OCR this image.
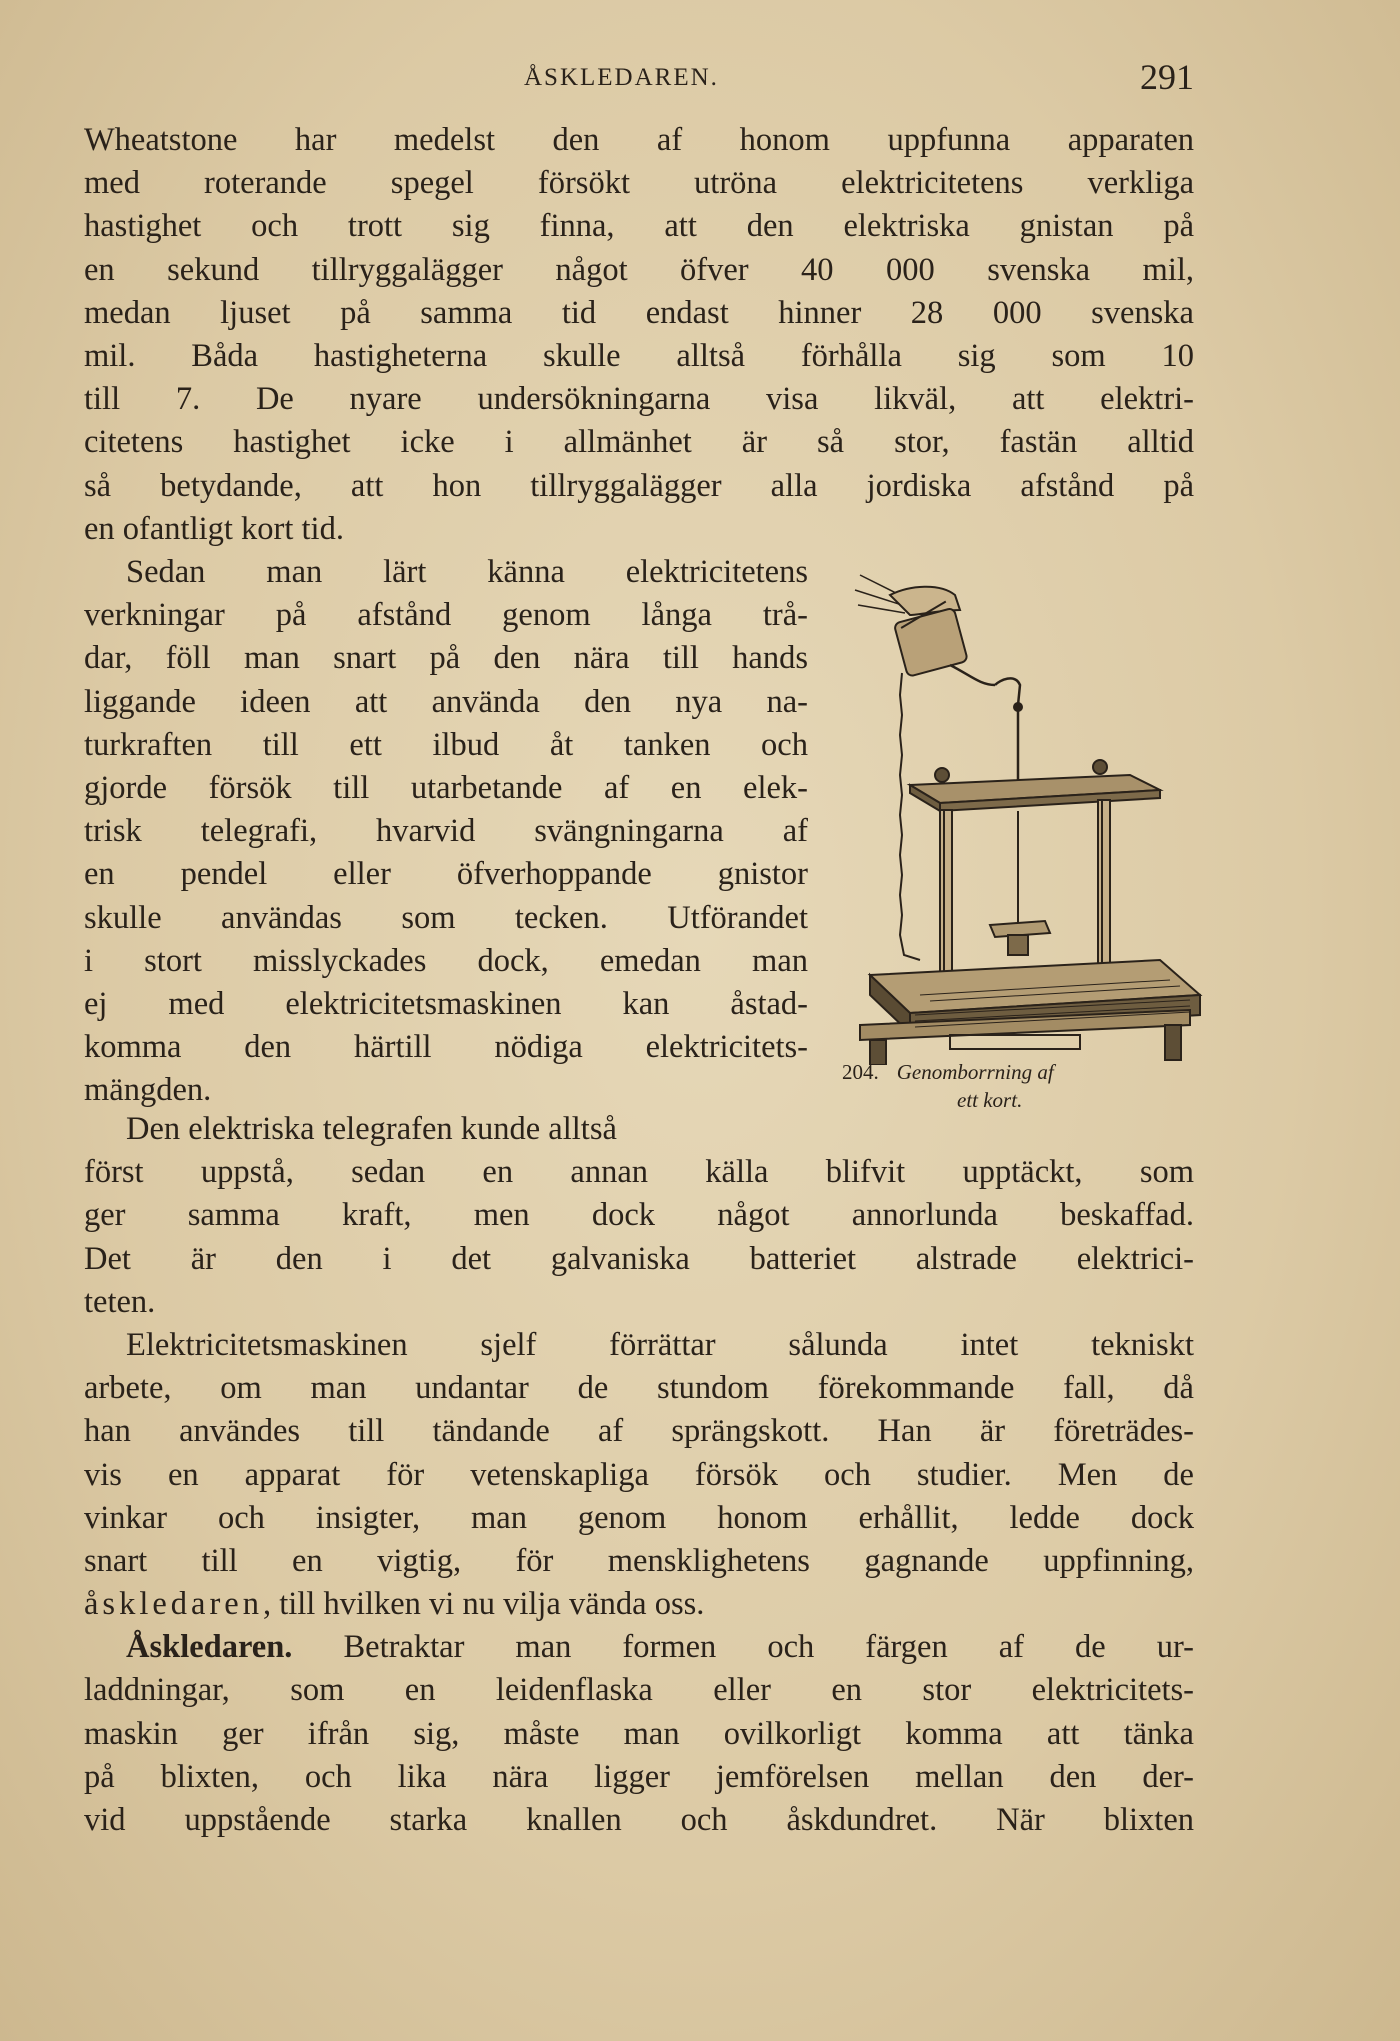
ÅSKLEDAREN.	291
Wheatstone har medelst den af honom uppfunna apparaten
med roterande spegel försökt utröna elektricitetens verkliga
hastighet och trott sig finna, att den elektriska gnistan på
en sekund tillryggalägger något öfver 40 000 svenska mil,
medan ljuset på samma tid endast hinner 28 000 svenska
mil. Båda hastigheterna skulle alltså förhålla sig som 10
till 7. De nyare undersökningarna visa likväl, att elektri-
citetens hastighet icke i allmänhet är så stor, fastän alltid
så betydande, att hon tillryggalägger alla jordiska afstånd på
en ofantligt kort tid.
Sedan man lärt känna elektricitetens
verkningar på afstånd genom långa trå-
dar, föll man snart på den nära till hands
liggande ideen att använda den nya na-
turkraften till ett ilbud åt tanken och
gjorde försök till utarbetande af en elek-
trisk telegrafi, hvarvid svängningarna af
en pendel eller öfverhoppande gnistor
skulle användas som tecken. Utförandet
i stort misslyckades dock, emedan man
ej med elektricitetsmaskinen kan åstad-
komma den härtill nödiga elektricitets-
mängden.
204. Genomborrning af
ett kort.
Den elektriska telegrafen kunde alltså
först uppstå, sedan en annan källa blifvit upptäckt, som
ger samma kraft, men dock något annorlunda beskaffad.
Det är den i det galvaniska batteriet alstrade elektrici-
teten.
Elektricitetsmaskinen sjelf förrättar sålunda intet tekniskt
arbete, om man undantar de stundom förekommande fall, då
han användes till tändande af sprängskott. Han är företrädes-
vis en apparat för vetenskapliga försök och studier. Men de
vinkar och insigter, man genom honom erhållit, ledde dock
snart till en vigtig, för mensklighetens gagnande uppfinning,
åskledaren, till hvilken vi nu vilja vända oss.
Åskledaren. Betraktar man formen och färgen af de ur-
laddningar, som en leidenflaska eller en stor elektricitets-
maskin ger ifrån sig, måste man ovilkorligt komma att tänka
på blixten, och lika nära ligger jemförelsen mellan den der-
vid uppstående starka knallen och åskdundret. När blixten
